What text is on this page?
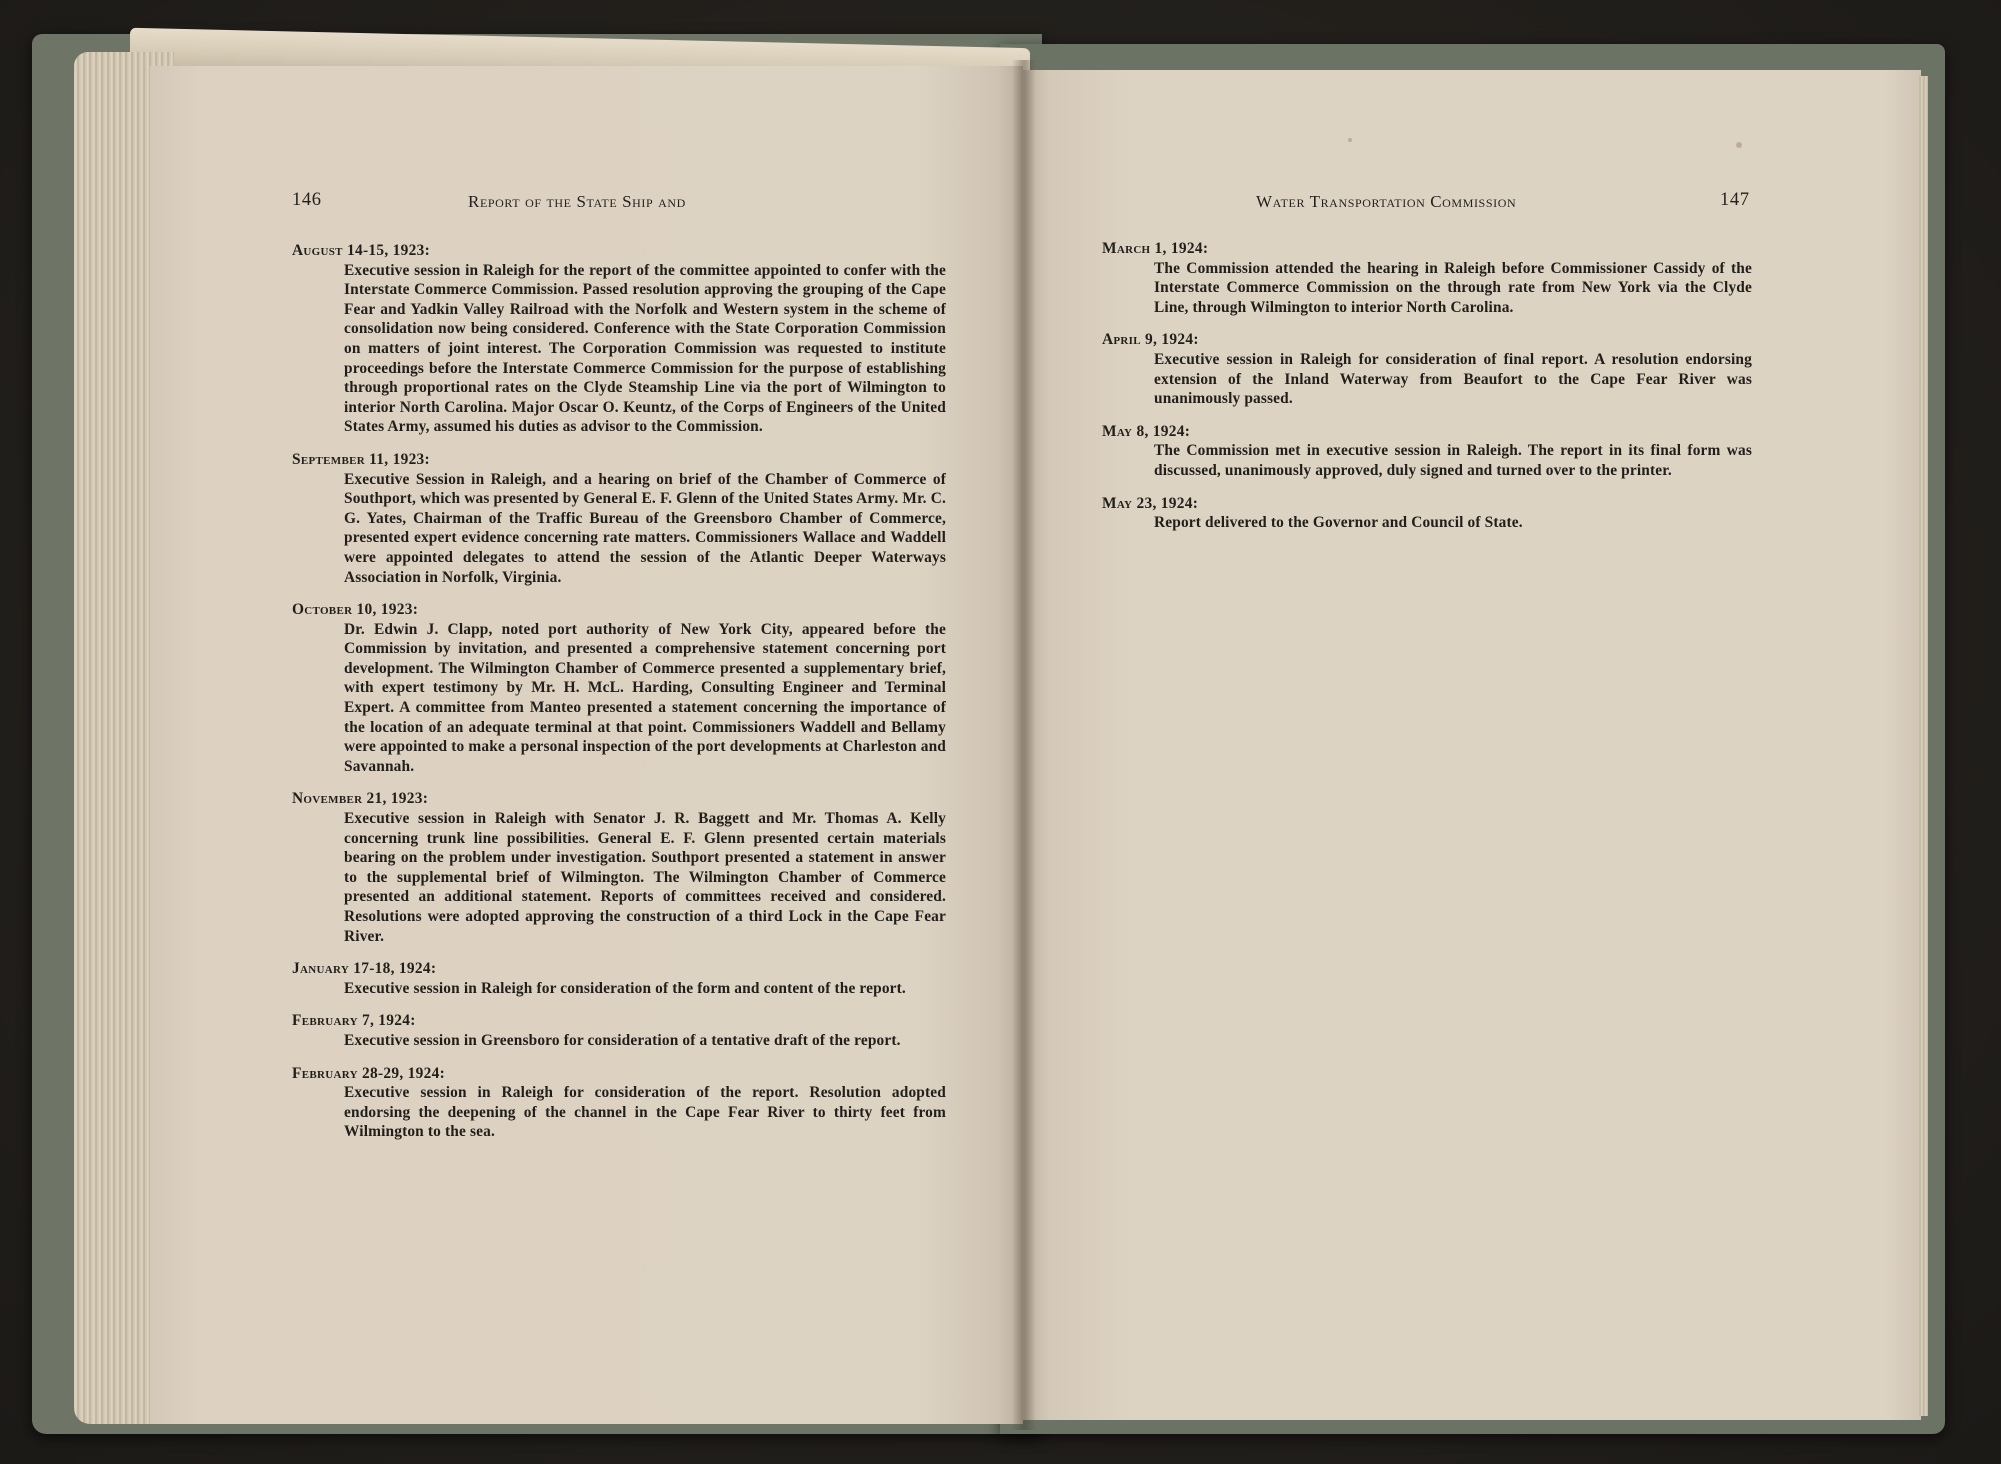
146	Report of the State Ship and	Water Transportation Commission	147
August 14-15, 1923:

Executive session in Raleigh for the report of the committee appointed to confer with the Interstate Commerce Commission. Passed resolution approving the grouping of the Cape Fear and Yadkin Valley Railroad with the Norfolk and Western system in the scheme of consolidation now being considered. Conference with the State Corporation Commission on matters of joint interest. The Corporation Commission was requested to institute proceedings before the Interstate Commerce Commission for the purpose of establishing through proportional rates on the Clyde Steamship Line via the port of Wilmington to interior North Carolina. Major Oscar O. Keuntz, of the Corps of Engineers of the United States Army, assumed his duties as advisor to the Commission.

September 11, 1923:

Executive Session in Raleigh, and a hearing on brief of the Chamber of Commerce of Southport, which was presented by General E. F. Glenn of the United States Army. Mr. C. G. Yates, Chairman of the Traffic Bureau of the Greensboro Chamber of Commerce, presented expert evidence concerning rate matters. Commissioners Wallace and Waddell were appointed delegates to attend the session of the Atlantic Deeper Waterways Association in Norfolk, Virginia.

October 10, 1923:

Dr. Edwin J. Clapp, noted port authority of New York City, appeared before the Commission by invitation, and presented a comprehensive statement concerning port development. The Wilmington Chamber of Commerce presented a supplementary brief, with expert testimony by Mr. H. McL. Harding, Consulting Engineer and Terminal Expert. A committee from Manteo presented a statement concerning the importance of the location of an adequate terminal at that point. Commissioners Waddell and Bellamy were appointed to make a personal inspection of the port developments at Charleston and Savannah.

November 21, 1923:

Executive session in Raleigh with Senator J. R. Baggett and Mr. Thomas A. Kelly concerning trunk line possibilities. General E. F. Glenn presented certain materials bearing on the problem under investigation. Southport presented a statement in answer to the supplemental brief of Wilmington. The Wilmington Chamber of Commerce presented an additional statement. Reports of committees received and considered. Resolutions were adopted approving the construction of a third Lock in the Cape Fear River.

January 17-18, 1924:

Executive session in Raleigh for consideration of the form and content of the report.

February 7, 1924:

Executive session in Greensboro for consideration of a tentative draft of the report.

February 28-29, 1924:

Executive session in Raleigh for consideration of the report. Resolution adopted endorsing the deepening of the channel in the Cape Fear River to thirty feet from Wilmington to the sea.

March 1, 1924:

The Commission attended the hearing in Raleigh before Commissioner Cassidy of the Interstate Commerce Commission on the through rate from New York via the Clyde Line, through Wilmington to interior North Carolina.

April 9, 1924:

Executive session in Raleigh for consideration of final report. A resolution endorsing extension of the Inland Waterway from Beaufort to the Cape Fear River was unanimously passed.

May 8, 1924:

The Commission met in executive session in Raleigh. The report in its final form was discussed, unanimously approved, duly signed and turned over to the printer.

May 23, 1924:

Report delivered to the Governor and Council of State.
